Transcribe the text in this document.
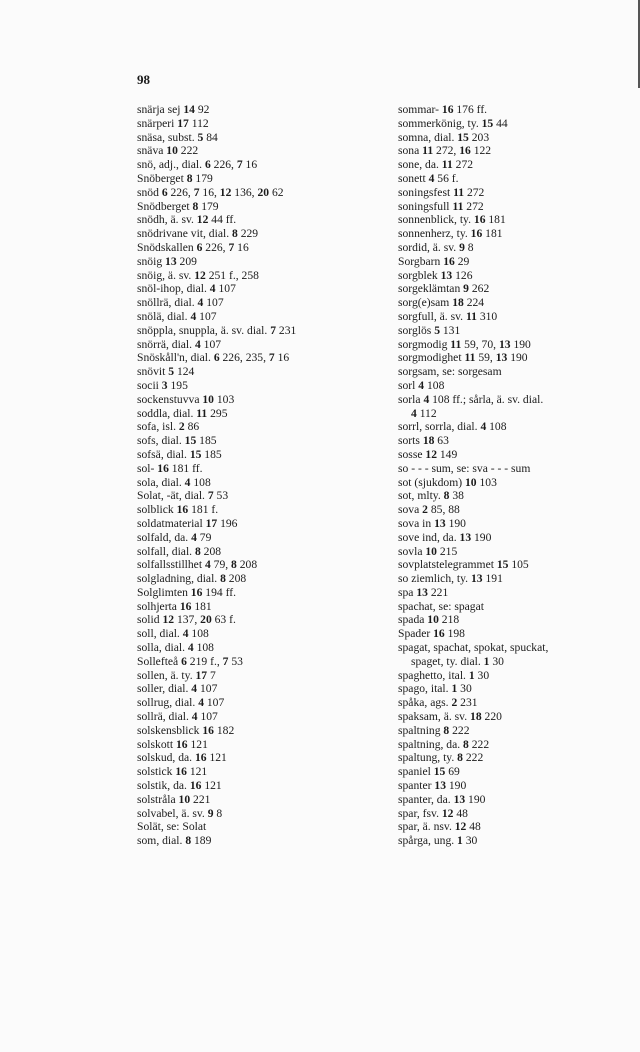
98
snärja sej 14 92
snärperi 17 112
snäsa, subst. 5 84
snäva 10 222
snö, adj., dial. 6 226, 7 16
Snöberget 8 179
snöd 6 226, 7 16, 12 136, 20 62
Snödberget 8 179
snödh, ä. sv. 12 44 ff.
snödrivane vit, dial. 8 229
Snödskallen 6 226, 7 16
snöig 13 209
snöig, ä. sv. 12 251 f., 258
snöl-ihop, dial. 4 107
snöllrä, dial. 4 107
snölä, dial. 4 107
snöppla, snuppla, ä. sv. dial. 7 231
snörrä, dial. 4 107
Snöskåll'n, dial. 6 226, 235, 7 16
snövit 5 124
socii 3 195
sockenstuvva 10 103
soddla, dial. 11 295
sofa, isl. 2 86
sofs, dial. 15 185
sofsä, dial. 15 185
sol- 16 181 ff.
sola, dial. 4 108
Solat, -ät, dial. 7 53
solblick 16 181 f.
soldatmaterial 17 196
solfald, da. 4 79
solfall, dial. 8 208
solfallsstillhet 4 79, 8 208
solgladning, dial. 8 208
Solglimten 16 194 ff.
solhjerta 16 181
solid 12 137, 20 63 f.
soll, dial. 4 108
solla, dial. 4 108
Sollefteå 6 219 f., 7 53
sollen, ä. ty. 17 7
soller, dial. 4 107
sollrug, dial. 4 107
sollrä, dial. 4 107
solskensblick 16 182
solskott 16 121
solskud, da. 16 121
solstick 16 121
solstik, da. 16 121
solstråla 10 221
solvabel, ä. sv. 9 8
Solät, se: Solat
som, dial. 8 189
sommar- 16 176 ff.
sommerkönig, ty. 15 44
somna, dial. 15 203
sona 11 272, 16 122
sone, da. 11 272
sonett 4 56 f.
soningsfest 11 272
soningsfull 11 272
sonnenblick, ty. 16 181
sonnenherz, ty. 16 181
sordid, ä. sv. 9 8
Sorgbarn 16 29
sorgblek 13 126
sorgeklämtan 9 262
sorg(e)sam 18 224
sorgfull, ä. sv. 11 310
sorglös 5 131
sorgmodig 11 59, 70, 13 190
sorgmodighet 11 59, 13 190
sorgsam, se: sorgesam
sorl 4 108
sorla 4 108 ff.; sårla, ä. sv. dial.
4 112
sorrl, sorrla, dial. 4 108
sorts 18 63
sosse 12 149
so - - - sum, se: sva - - - sum
sot (sjukdom) 10 103
sot, mlty. 8 38
sova 2 85, 88
sova in 13 190
sove ind, da. 13 190
sovla 10 215
sovplatstelegrammet 15 105
so ziemlich, ty. 13 191
spa 13 221
spachat, se: spagat
spada 10 218
Spader 16 198
spagat, spachat, spokat, spuckat,
spaget, ty. dial. 1 30
spaghetto, ital. 1 30
spago, ital. 1 30
spåka, ags. 2 231
spaksam, ä. sv. 18 220
spaltning 8 222
spaltning, da. 8 222
spaltung, ty. 8 222
spaniel 15 69
spanter 13 190
spanter, da. 13 190
spar, fsv. 12 48
spar, ä. nsv. 12 48
spårga, ung. 1 30
